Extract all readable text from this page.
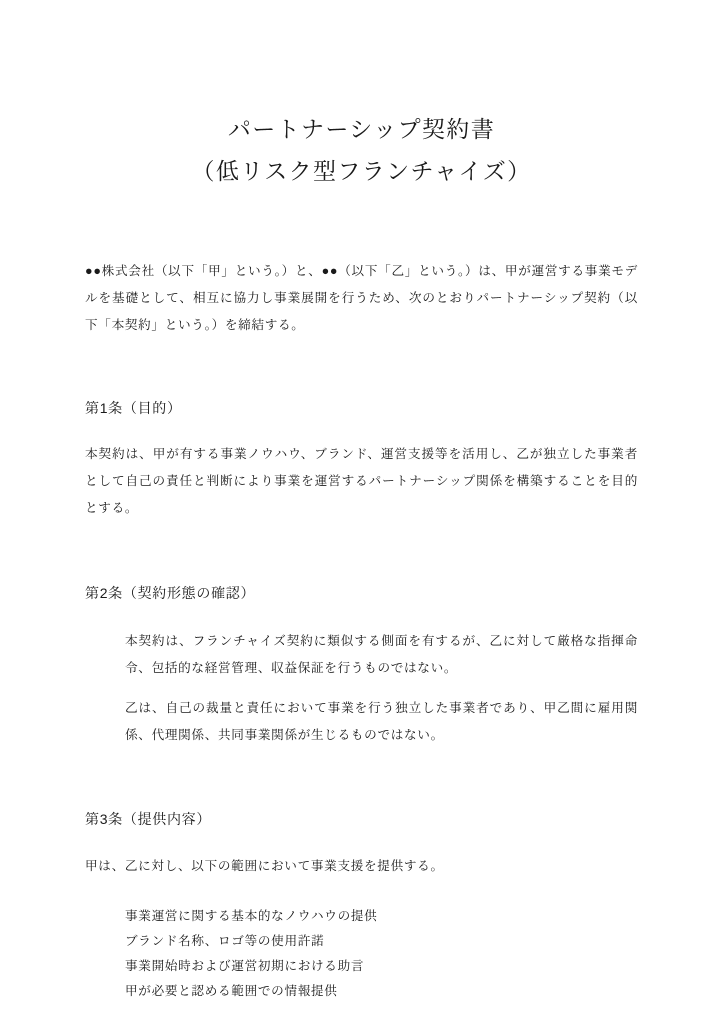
パートナーシップ契約書
（低リスク型フランチャイズ）

●●株式会社（以下「甲」という。）と、●●（以下「乙」という。）は、甲が運営する事業モデルを基礎として、相互に協力し事業展開を行うため、次のとおりパートナーシップ契約（以下「本契約」という。）を締結する。

第1条（目的）

本契約は、甲が有する事業ノウハウ、ブランド、運営支援等を活用し、乙が独立した事業者として自己の責任と判断により事業を運営するパートナーシップ関係を構築することを目的とする。

第2条（契約形態の確認）

本契約は、フランチャイズ契約に類似する側面を有するが、乙に対して厳格な指揮命令、包括的な経営管理、収益保証を行うものではない。

乙は、自己の裁量と責任において事業を行う独立した事業者であり、甲乙間に雇用関係、代理関係、共同事業関係が生じるものではない。

第3条（提供内容）

甲は、乙に対し、以下の範囲において事業支援を提供する。

事業運営に関する基本的なノウハウの提供
ブランド名称、ロゴ等の使用許諾
事業開始時および運営初期における助言
甲が必要と認める範囲での情報提供
